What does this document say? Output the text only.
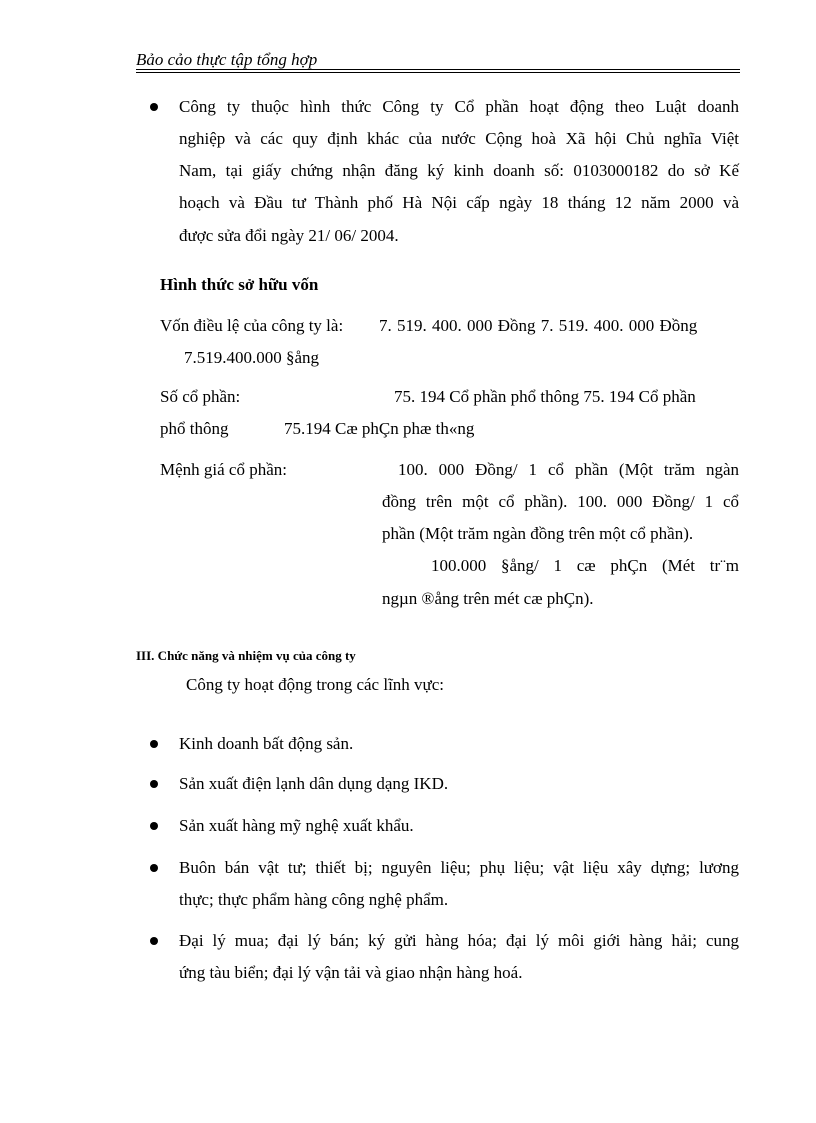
Bảo cảo thực tập tổng hợp
Công ty thuộc hình thức Công ty Cổ phần hoạt động theo Luật doanh
nghiệp và các quy định khác của nước Cộng hoà Xã hội Chủ nghĩa Việt
Nam, tại giấy chứng nhận đăng ký kinh doanh số: 0103000182 do sở Kế
hoạch và Đầu tư Thành phố Hà Nội cấp ngày 18 tháng 12 năm 2000 và
được sửa đổi ngày 21/ 06/ 2004.
Hình thức sở hữu vốn
Vốn điều lệ của công ty là: 7. 519. 400. 000 Đồng 7. 519. 400. 000 Đồng
7.519.400.000 §ång
Số cổ phần:	75. 194 Cổ phần phổ thông 75. 194 Cổ phần
phổ thông	75.194 Cæ phÇn phæ th«ng
Mệnh giá cổ phần:	100. 000 Đồng/ 1 cổ phần (Một trăm ngàn
đồng trên một cổ phần). 100. 000 Đồng/ 1 cổ
phần (Một trăm ngàn đồng trên một cổ phần).
100.000 §ång/ 1 cæ phÇn (Mét tr¨m
ngµn ®ång trên mét cæ phÇn).
III. Chức năng và nhiệm vụ của công ty
Công ty hoạt động trong các lĩnh vực:
Kinh doanh bất động sản.
Sản xuất điện lạnh dân dụng dạng IKD.
Sản xuất hàng mỹ nghệ xuất khẩu.
Buôn bán vật tư; thiết bị; nguyên liệu; phụ liệu; vật liệu xây dựng; lương
thực; thực phẩm hàng công nghệ phẩm.
Đại lý mua; đại lý bán; ký gửi hàng hóa; đại lý môi giới hàng hải; cung
ứng tàu biển; đại lý vận tải và giao nhận hàng hoá.
